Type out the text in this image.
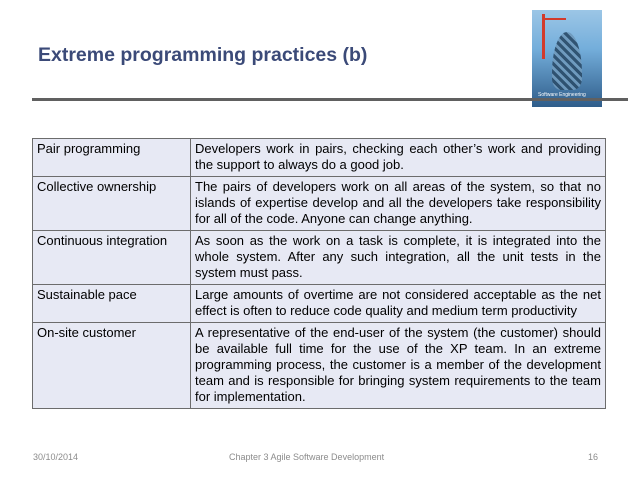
Extreme programming practices (b)
Software Engineering
Pair programming	Developers work in pairs, checking each other’s work and providing the support to always do a good job.
Collective ownership	The pairs of developers work on all areas of the system, so that no islands of expertise develop and all the developers take responsibility for all of the code. Anyone can change anything.
Continuous integration	As soon as the work on a task is complete, it is integrated into the whole system. After any such integration, all the unit tests in the system must pass.
Sustainable pace	Large amounts of overtime are not considered acceptable as the net effect is often to reduce code quality and medium term productivity
On-site customer	A representative of the end-user of the system (the customer) should be available full time for the use of the XP team. In an extreme programming process, the customer is a member of the development team and is responsible for bringing system requirements to the team for implementation.
30/10/2014	Chapter 3 Agile Software Development	16
